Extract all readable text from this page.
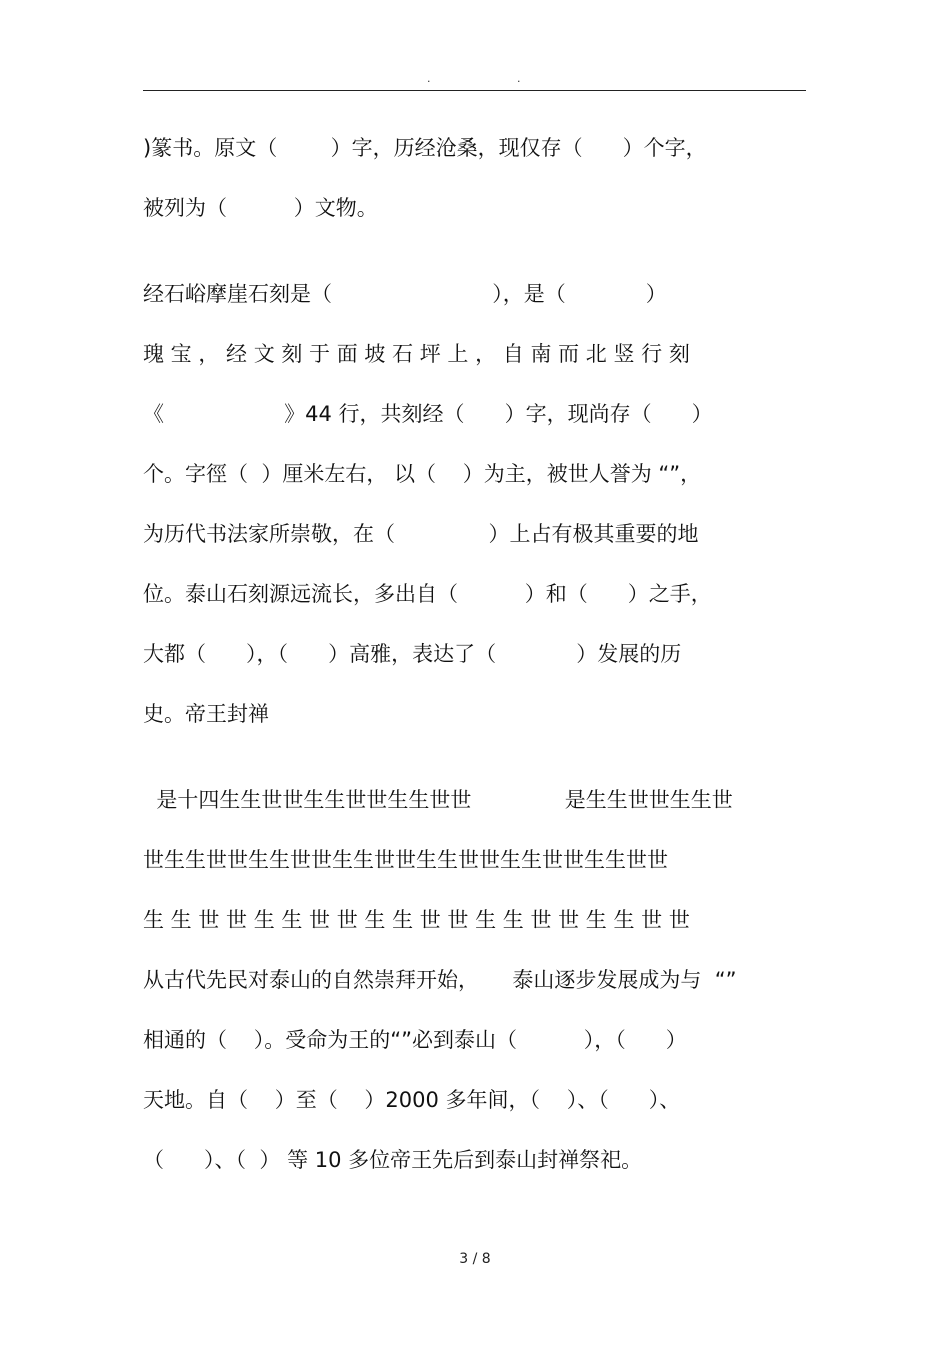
.	.
)篆书。原文（        ）字，历经沧桑，现仅存（      ）个字，
被列为（          ）文物。
经石峪摩崖石刻是（                        ），是（            ）
瑰 宝 ， 经 文 刻 于 面 坡 石 坪 上 ， 自 南 而 北 竖 行 刻
《                  》44 行，共刻经（      ）字，现尚存（      ）
个。字徑（  ）厘米左右， 以（    ）为主，被世人誉为 “”，
为历代书法家所崇敬，在（              ）上占有极其重要的地
位。泰山石刻源远流长，多出自（          ）和（      ）之手，
大都（      ），（      ）高雅，表达了（            ）发展的历
史。帝王封禅
是十四生生世世生生世世生生世世              是生生世世生生世
世生生世世生生世世生生世世生生世世生生世世生生世世
生 生 世 世 生 生 世 世 生 生 世 世 生 生 世 世 生 生 世 世
从古代先民对泰山的自然崇拜开始，     泰山逐步发展成为与  “”
相通的（    ）。受命为王的“”必到泰山（          ），（      ）
天地。自（    ）至（    ）2000 多年间，（    ）、（      ）、
（      ）、（  ） 等 10 多位帝王先后到泰山封禅祭祀。
3 / 8
